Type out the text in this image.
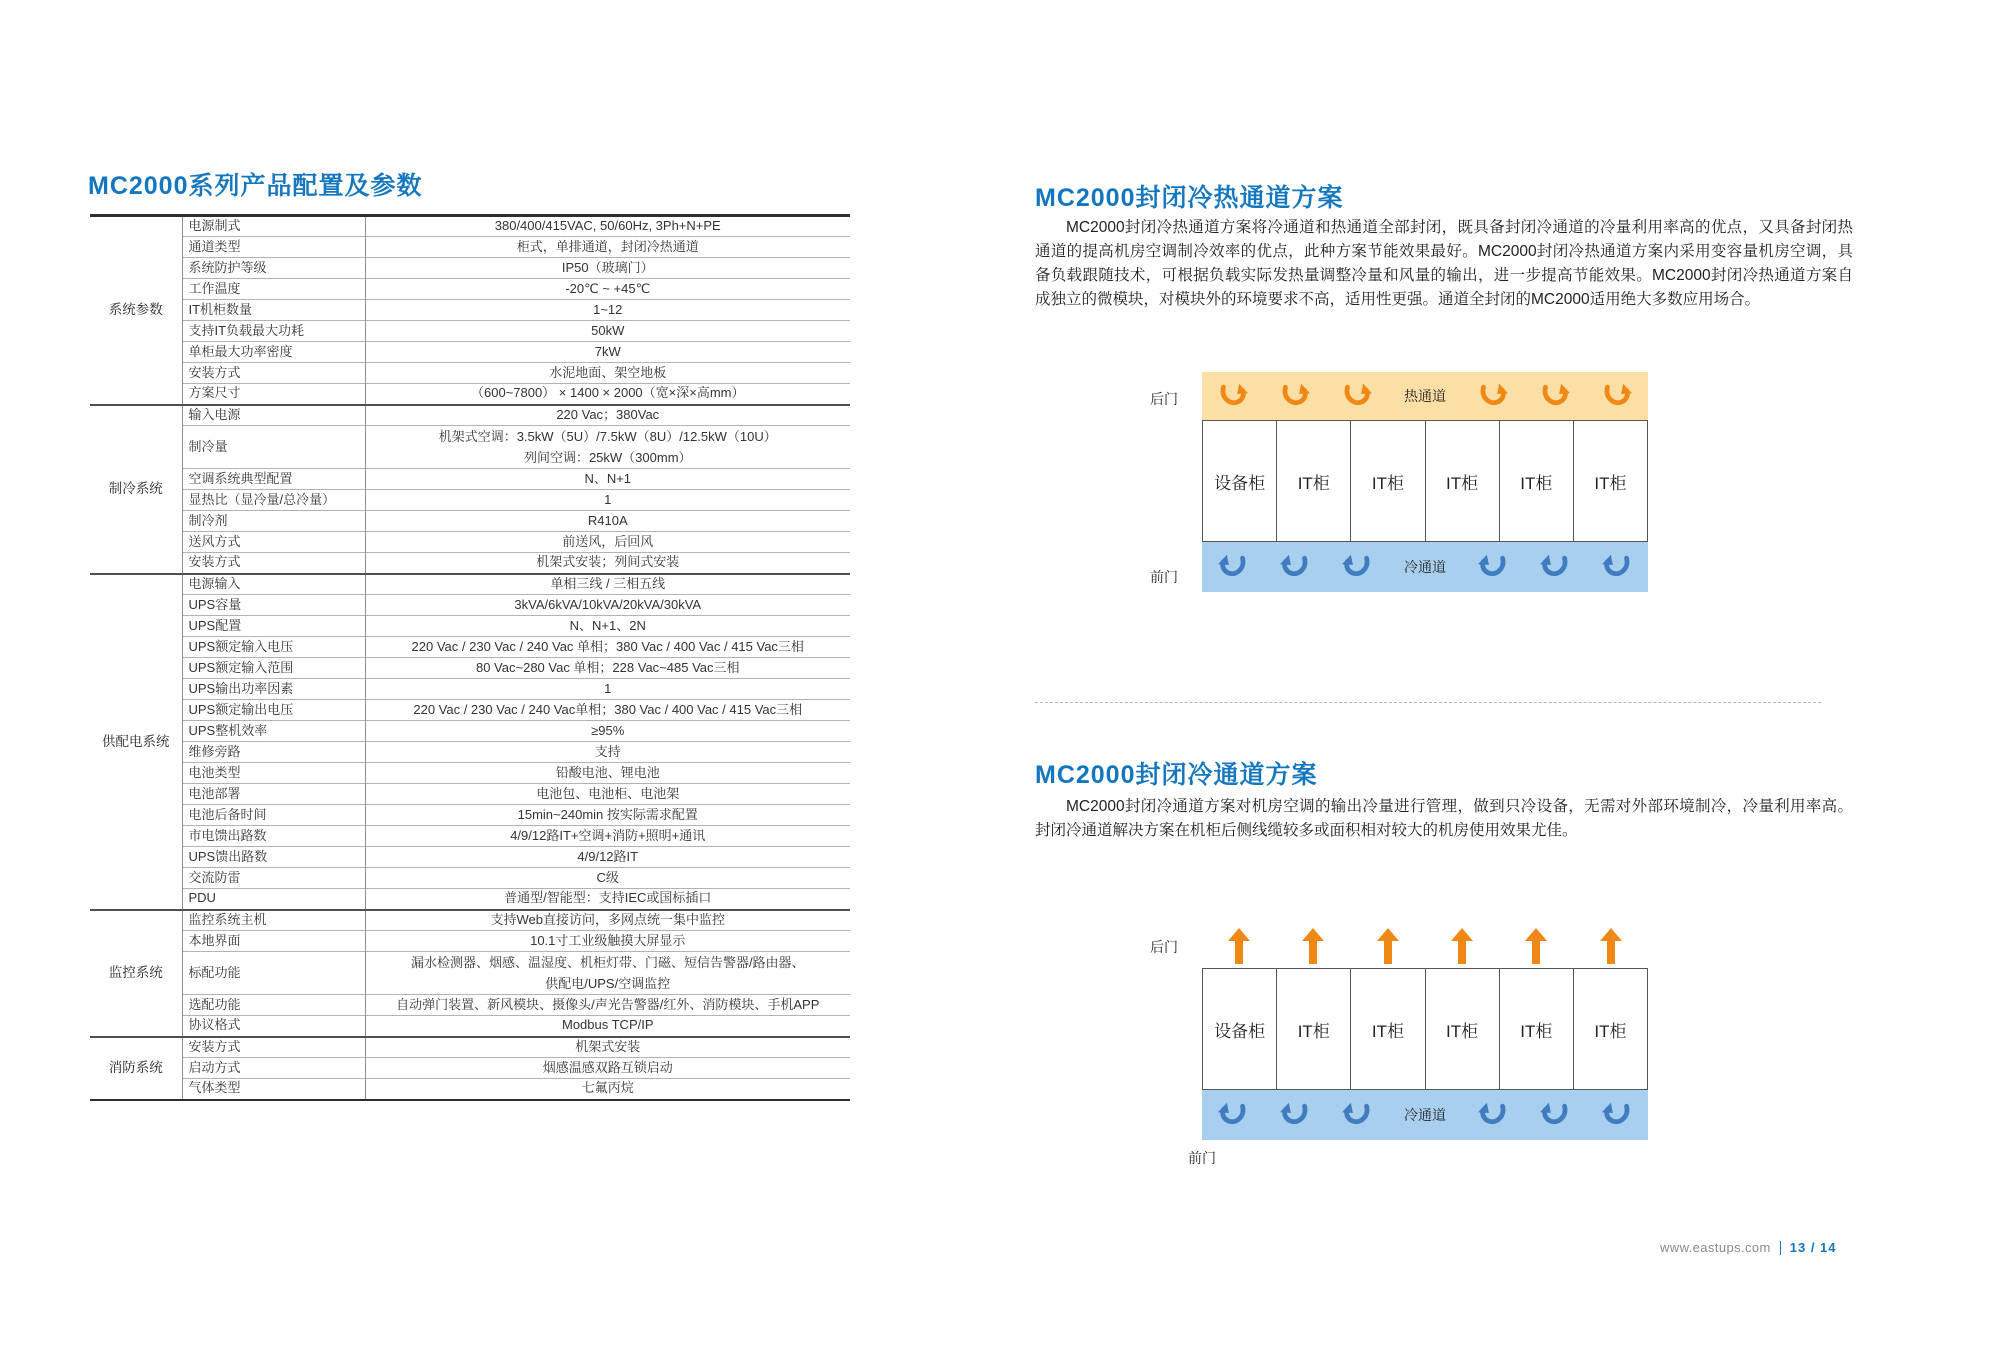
MC2000系列产品配置及参数
系统参数	电源制式	380/400/415VAC, 50/60Hz, 3Ph+N+PE
	通道类型	柜式，单排通道，封闭冷热通道
	系统防护等级	IP50（玻璃门）
	工作温度	-20℃ ~ +45℃
	IT机柜数量	1~12
	支持IT负载最大功耗	50kW
	单柜最大功率密度	7kW
	安装方式	水泥地面、架空地板
	方案尺寸	（600~7800） × 1400 × 2000（宽×深×高mm）
制冷系统	输入电源	220 Vac；380Vac
	制冷量	机架式空调：3.5kW（5U）/7.5kW（8U）/12.5kW（10U）
列间空调：25kW（300mm）

	空调系统典型配置	N、N+1
	显热比（显冷量/总冷量）	1
	制冷剂	R410A
	送风方式	前送风，后回风
	安装方式	机架式安装；列间式安装
供配电系统	电源输入	单相三线 / 三相五线
	UPS容量	3kVA/6kVA/10kVA/20kVA/30kVA
	UPS配置	N、N+1、2N
	UPS额定输入电压	220 Vac / 230 Vac / 240 Vac 单相；380 Vac / 400 Vac / 415 Vac三相
	UPS额定输入范围	80 Vac~280 Vac 单相；228 Vac~485 Vac三相
	UPS输出功率因素	1
	UPS额定输出电压	220 Vac / 230 Vac / 240 Vac单相；380 Vac / 400 Vac / 415 Vac三相
	UPS整机效率	≥95%
	维修旁路	支持
	电池类型	铅酸电池、锂电池
	电池部署	电池包、电池柜、电池架
	电池后备时间	15min~240min 按实际需求配置
	市电馈出路数	4/9/12路IT+空调+消防+照明+通讯
	UPS馈出路数	4/9/12路IT
	交流防雷	C级
	PDU	普通型/智能型：支持IEC或国标插口
监控系统	监控系统主机	支持Web直接访问，多网点统一集中监控
	本地界面	10.1寸工业级触摸大屏显示
	标配功能	漏水检测器、烟感、温湿度、机柜灯带、门磁、短信告警器/路由器、
供配电/UPS/空调监控

	选配功能	自动弹门装置、新风模块、摄像头/声光告警器/红外、消防模块、手机APP
	协议格式	Modbus TCP/IP
消防系统	安装方式	机架式安装
	启动方式	烟感温感双路互锁启动
	气体类型	七氟丙烷
MC2000封闭冷热通道方案
MC2000封闭冷热通道方案将冷通道和热通道全部封闭，既具备封闭冷通道的冷量利用率高的优点，又具备封闭热通道的提高机房空调制冷效率的优点，此种方案节能效果最好。MC2000封闭冷热通道方案内采用变容量机房空调，具备负载跟随技术，可根据负载实际发热量调整冷量和风量的输出，进一步提高节能效果。MC2000封闭冷热通道方案自成独立的微模块，对模块外的环境要求不高，适用性更强。通道全封闭的MC2000适用绝大多数应用场合。
后门
前门
热通道
设备柜	IT柜	IT柜	IT柜	IT柜	IT柜
冷通道
MC2000封闭冷通道方案
MC2000封闭冷通道方案对机房空调的输出冷量进行管理，做到只冷设备，无需对外部环境制冷，冷量利用率高。封闭冷通道解决方案在机柜后侧线缆较多或面积相对较大的机房使用效果尤佳。
后门
前门
设备柜	IT柜	IT柜	IT柜	IT柜	IT柜
冷通道
www.eastups.com 13 / 14
